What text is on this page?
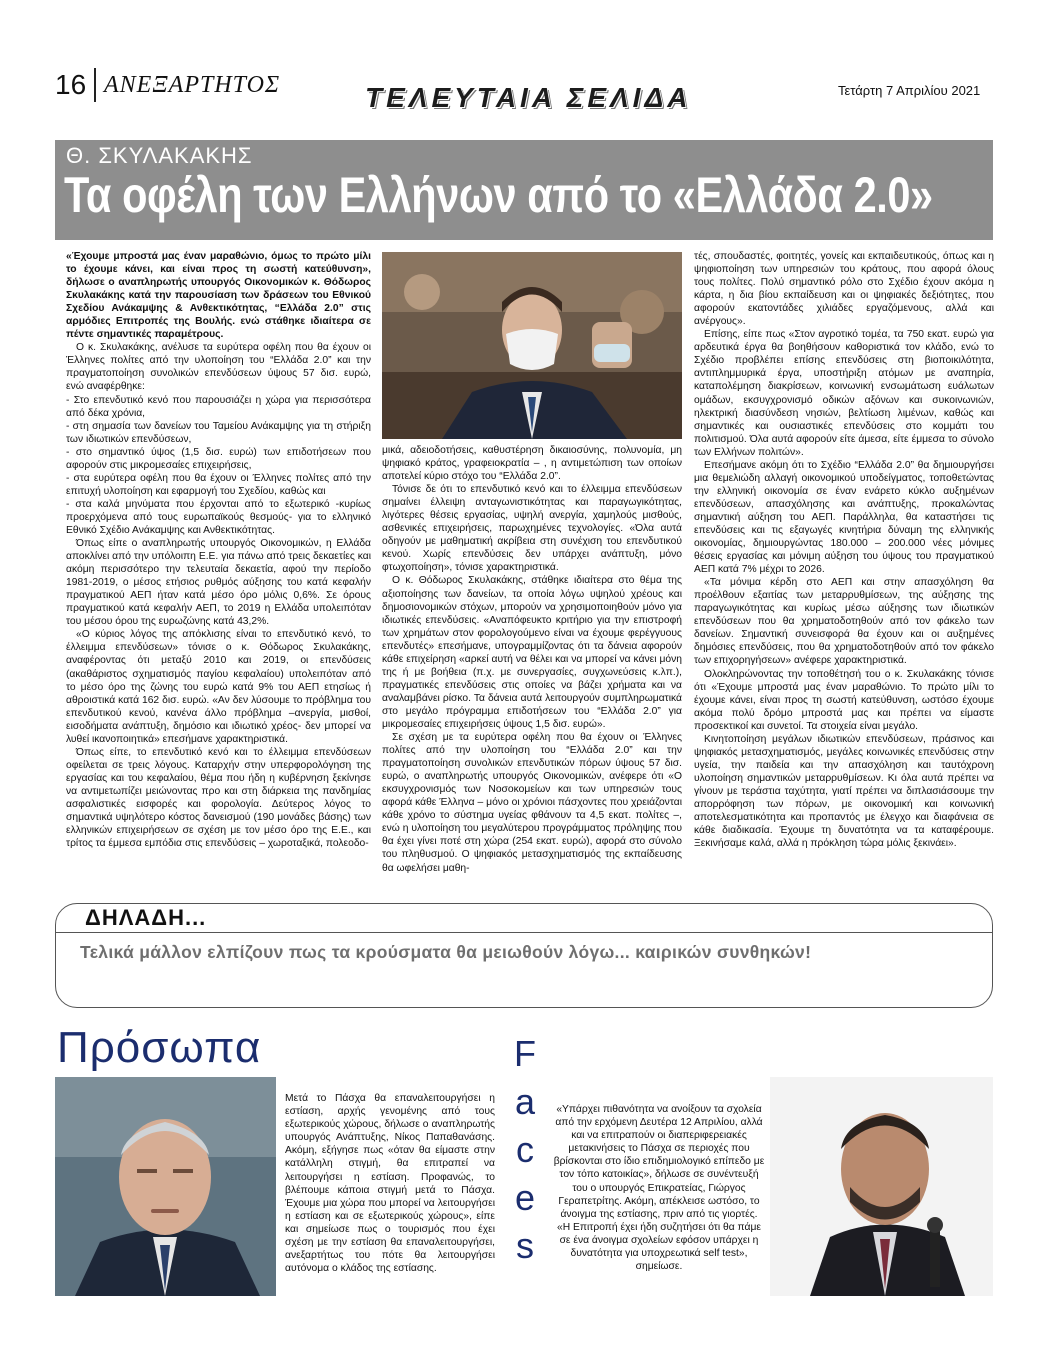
16 ΑΝΕΞΑΡΤΗΤΟΣ	ΤΕΛΕΥΤΑΙΑ ΣΕΛΙΔΑ	Τετάρτη 7 Απριλίου 2021
Θ. ΣΚΥΛΑΚΑΚΗΣ
Τα οφέλη των Ελλήνων από το «Ελλάδα 2.0»

«Έχουμε μπροστά μας έναν μαραθώνιο, όμως το πρώτο μίλι το έχουμε κάνει, και είναι προς τη σωστή κατεύθυνση», δήλωσε ο αναπληρωτής υπουργός Οικονομικών κ. Θόδωρος Σκυλακάκης κατά την παρουσίαση των δράσεων του Εθνικού Σχεδίου Ανάκαμψης & Ανθεκτικότητας, “Ελλάδα 2.0” στις αρμόδιες Επιτροπές της Βουλής. ενώ στάθηκε ιδιαίτερα σε πέντε σημαντικές παραμέτρους.

Ο κ. Σκυλακάκης, ανέλυσε τα ευρύτερα οφέλη που θα έχουν οι Έλληνες πολίτες από την υλοποίηση του “Ελλάδα 2.0” και την πραγματοποίηση συνολικών επενδύσεων ύψους 57 δισ. ευρώ, ενώ αναφέρθηκε:

- Στο επενδυτικό κενό που παρουσιάζει η χώρα για περισσότερα από δέκα χρόνια,

- στη σημασία των δανείων του Ταμείου Ανάκαμψης για τη στήριξη των ιδιωτικών επενδύσεων,

- στο σημαντικό ύψος (1,5 δισ. ευρώ) των επιδοτήσεων που αφορούν στις μικρομεσαίες επιχειρήσεις,

- στα ευρύτερα οφέλη που θα έχουν οι Έλληνες πολίτες από την επιτυχή υλοποίηση και εφαρμογή του Σχεδίου, καθώς και

- στα καλά μηνύματα που έρχονται από το εξωτερικό -κυρίως προερχόμενα από τους ευρωπαϊκούς θεσμούς- για το ελληνικό Εθνικό Σχέδιο Ανάκαμψης και Ανθεκτικότητας.

Όπως είπε ο αναπληρωτής υπουργός Οικονομικών, η Ελλάδα αποκλίνει από την υπόλοιπη Ε.Ε. για πάνω από τρεις δεκαετίες και ακόμη περισσότερο την τελευταία δεκαετία, αφού την περίοδο 1981-2019, ο μέσος ετήσιος ρυθμός αύξησης του κατά κεφαλήν πραγματικού ΑΕΠ ήταν κατά μέσο όρο μόλις 0,6%. Σε όρους πραγματικού κατά κεφαλήν ΑΕΠ, το 2019 η Ελλάδα υπολειπόταν του μέσου όρου της ευρωζώνης κατά 43,2%.

«Ο κύριος λόγος της απόκλισης είναι το επενδυτικό κενό, το έλλειμμα επενδύσεων» τόνισε ο κ. Θόδωρος Σκυλακάκης, αναφέροντας ότι μεταξύ 2010 και 2019, οι επενδύσεις (ακαθάριστος σχηματισμός παγίου κεφαλαίου) υπολειπόταν από το μέσο όρο της ζώνης του ευρώ κατά 9% του ΑΕΠ ετησίως ή αθροιστικά κατά 162 δισ. ευρώ. «Αν δεν λύσουμε το πρόβλημα του επενδυτικού κενού, κανένα άλλο πρόβλημα –ανεργία, μισθοί, εισοδήματα ανάπτυξη, δημόσιο και ιδιωτικό χρέος- δεν μπορεί να λυθεί ικανοποιητικά» επεσήμανε χαρακτηριστικά.

Όπως είπε, το επενδυτικό κενό και το έλλειμμα επενδύσεων οφείλεται σε τρεις λόγους. Καταρχήν στην υπερφορολόγηση της εργασίας και του κεφαλαίου, θέμα που ήδη η κυβέρνηση ξεκίνησε να αντιμετωπίζει μειώνοντας προ και στη διάρκεια της πανδημίας ασφαλιστικές εισφορές και φορολογία. Δεύτερος λόγος το σημαντικά υψηλότερο κόστος δανεισμού (190 μονάδες βάσης) των ελληνικών επιχειρήσεων σε σχέση με τον μέσο όρο της Ε.Ε., και τρίτος τα έμμεσα εμπόδια στις επενδύσεις – χωροταξικά, πολεοδο-

μικά, αδειοδοτήσεις, καθυστέρηση δικαιοσύνης, πολυνομία, μη ψηφιακό κράτος, γραφειοκρατία – , η αντιμετώπιση των οποίων αποτελεί κύριο στόχο του “Ελλάδα 2.0”.

Τόνισε δε ότι το επενδυτικό κενό και το έλλειμμα επενδύσεων σημαίνει έλλειψη ανταγωνιστικότητας και παραγωγικότητας, λιγότερες θέσεις εργασίας, υψηλή ανεργία, χαμηλούς μισθούς, ασθενικές επιχειρήσεις, παρωχημένες τεχνολογίες. «Όλα αυτά οδηγούν με μαθηματική ακρίβεια στη συνέχιση του επενδυτικού κενού. Χωρίς επενδύσεις δεν υπάρχει ανάπτυξη, μόνο φτωχοποίηση», τόνισε χαρακτηριστικά.

Ο κ. Θόδωρος Σκυλακάκης, στάθηκε ιδιαίτερα στο θέμα της αξιοποίησης των δανείων, τα οποία λόγω υψηλού χρέους και δημοσιονομικών στόχων, μπορούν να χρησιμοποιηθούν μόνο για ιδιωτικές επενδύσεις. «Αναπόφευκτο κριτήριο για την επιστροφή των χρημάτων στον φορολογούμενο είναι να έχουμε φερέγγυους επενδυτές» επεσήμανε, υπογραμμίζοντας ότι τα δάνεια αφορούν κάθε επιχείρηση «αρκεί αυτή να θέλει και να μπορεί να κάνει μόνη της ή με βοήθεια (π.χ. με συνεργασίες, συγχωνεύσεις κ.λπ.), πραγματικές επενδύσεις στις οποίες να βάζει χρήματα και να αναλαμβάνει ρίσκο. Τα δάνεια αυτά λειτουργούν συμπληρωματικά στο μεγάλο πρόγραμμα επιδοτήσεων του “Ελλάδα 2.0” για μικρομεσαίες επιχειρήσεις ύψους 1,5 δισ. ευρώ».

Σε σχέση με τα ευρύτερα οφέλη που θα έχουν οι Έλληνες πολίτες από την υλοποίηση του “Ελλάδα 2.0” και την πραγματοποίηση συνολικών επενδυτικών πόρων ύψους 57 δισ. ευρώ, ο αναπληρωτής υπουργός Οικονομικών, ανέφερε ότι «Ο εκσυγχρονισμός των Νοσοκομείων και των υπηρεσιών τους αφορά κάθε Έλληνα – μόνο οι χρόνιοι πάσχοντες που χρειάζονται κάθε χρόνο το σύστημα υγείας φθάνουν τα 4,5 εκατ. πολίτες –, ενώ η υλοποίηση του μεγαλύτερου προγράμματος πρόληψης που θα έχει γίνει ποτέ στη χώρα (254 εκατ. ευρώ), αφορά στο σύνολο του πληθυσμού. Ο ψηφιακός μετασχηματισμός της εκπαίδευσης θα ωφελήσει μαθη-

τές, σπουδαστές, φοιτητές, γονείς και εκπαιδευτικούς, όπως και η ψηφιοποίηση των υπηρεσιών του κράτους, που αφορά όλους τους πολίτες. Πολύ σημαντικό ρόλο στο Σχέδιο έχουν ακόμα η κάρτα, η δια βίου εκπαίδευση και οι ψηφιακές δεξιότητες, που αφορούν εκατοντάδες χιλιάδες εργαζόμενους, αλλά και ανέργους».

Επίσης, είπε πως «Στον αγροτικό τομέα, τα 750 εκατ. ευρώ για αρδευτικά έργα θα βοηθήσουν καθοριστικά τον κλάδο, ενώ το Σχέδιο προβλέπει επίσης επενδύσεις στη βιοποικιλότητα, αντιπλημμυρικά έργα, υποστήριξη ατόμων με αναπηρία, καταπολέμηση διακρίσεων, κοινωνική ενσωμάτωση ευάλωτων ομάδων, εκσυγχρονισμό οδικών αξόνων και συκοινωνιών, ηλεκτρική διασύνδεση νησιών, βελτίωση λιμένων, καθώς και σημαντικές και ουσιαστικές επενδύσεις στο κομμάτι του πολιτισμού. Όλα αυτά αφορούν είτε άμεσα, είτε έμμεσα το σύνολο των Ελλήνων πολιτών».

Επεσήμανε ακόμη ότι το Σχέδιο “Ελλάδα 2.0” θα δημιουργήσει μια θεμελιώδη αλλαγή οικονομικού υποδείγματος, τοποθετώντας την ελληνική οικονομία σε έναν ενάρετο κύκλο αυξημένων επενδύσεων, απασχόλησης και ανάπτυξης, προκαλώντας σημαντική αύξηση του ΑΕΠ. Παράλληλα, θα καταστήσει τις επενδύσεις και τις εξαγωγές κινητήρια δύναμη της ελληνικής οικονομίας, δημιουργώντας 180.000 – 200.000 νέες μόνιμες θέσεις εργασίας και μόνιμη αύξηση του ύψους του πραγματικού ΑΕΠ κατά 7% μέχρι το 2026.

«Τα μόνιμα κέρδη στο ΑΕΠ και στην απασχόληση θα προέλθουν εξαιτίας των μεταρρυθμίσεων, της αύξησης της παραγωγικότητας και κυρίως μέσω αύξησης των ιδιωτικών επενδύσεων που θα χρηματοδοτηθούν από τον φάκελο των δανείων. Σημαντική συνεισφορά θα έχουν και οι αυξημένες δημόσιες επενδύσεις, που θα χρηματοδοτηθούν από τον φάκελο των επιχορηγήσεων» ανέφερε χαρακτηριστικά.

Ολοκληρώνοντας την τοποθέτησή του ο κ. Σκυλακάκης τόνισε ότι «Έχουμε μπροστά μας έναν μαραθώνιο. Το πρώτο μίλι το έχουμε κάνει, είναι προς τη σωστή κατεύθυνση, ωστόσο έχουμε ακόμα πολύ δρόμο μπροστά μας και πρέπει να είμαστε προσεκτικοί και συνετοί. Τα στοιχεία είναι μεγάλο.

Κινητοποίηση μεγάλων ιδιωτικών επενδύσεων, πράσινος και ψηφιακός μετασχηματισμός, μεγάλες κοινωνικές επενδύσεις στην υγεία, την παιδεία και την απασχόληση και ταυτόχρονη υλοποίηση σημαντικών μεταρρυθμίσεων. Κι όλα αυτά πρέπει να γίνουν με τεράστια ταχύτητα, γιατί πρέπει να διπλασιάσουμε την απορρόφηση των πόρων, με οικονομική και κοινωνική αποτελεσματικότητα και προπαντός με έλεγχο και διαφάνεια σε κάθε διαδικασία. Έχουμε τη δυνατότητα να τα καταφέρουμε. Ξεκινήσαμε καλά, αλλά η πρόκληση τώρα μόλις ξεκινάει».

ΔΗΛΑΔΗ...
Τελικά μάλλον ελπίζουν πως τα κρούσματα θα μειωθούν λόγω... καιρικών συνθηκών!
Πρόσωπα	F
a
c
e
s
Μετά το Πάσχα θα επαναλειτουργήσει η εστίαση, αρχής γενομένης από τους εξωτερικούς χώρους, δήλωσε ο αναπληρωτής υπουργός Ανάπτυξης, Νίκος Παπαθανάσης. Ακόμη, εξήγησε πως «όταν θα είμαστε στην κατάλληλη στιγμή, θα επιτραπεί να λειτουργήσει η εστίαση. Προφανώς, το βλέπουμε κάποια στιγμή μετά το Πάσχα. Έχουμε μια χώρα που μπορεί να λειτουργήσει η εστίαση και σε εξωτερικούς χώρους», είπε και σημείωσε πως ο τουρισμός που έχει σχέση με την εστίαση θα επαναλειτουργήσει, ανεξαρτήτως του πότε θα λειτουργήσει αυτόνομα ο κλάδος της εστίασης.
«Υπάρχει πιθανότητα να ανοίξουν τα σχολεία από την ερχόμενη Δευτέρα 12 Απριλίου, αλλά και να επιτραπούν οι διαπεριφερειακές μετακινήσεις το Πάσχα σε περιοχές που βρίσκονται στο ίδιο επιδημιολογικό επίπεδο με τον τόπο κατοικίας», δήλωσε σε συνέντευξή του ο υπουργός Επικρατείας, Γιώργος Γεραπετρίτης. Ακόμη, απέκλεισε ωστόσο, το άνοιγμα της εστίασης, πριν από τις γιορτές. «Η Επιτροπή έχει ήδη συζητήσει ότι θα πάμε σε ένα άνοιγμα σχολείων εφόσον υπάρχει η δυνατότητα για υποχρεωτικά self test», σημείωσε.
